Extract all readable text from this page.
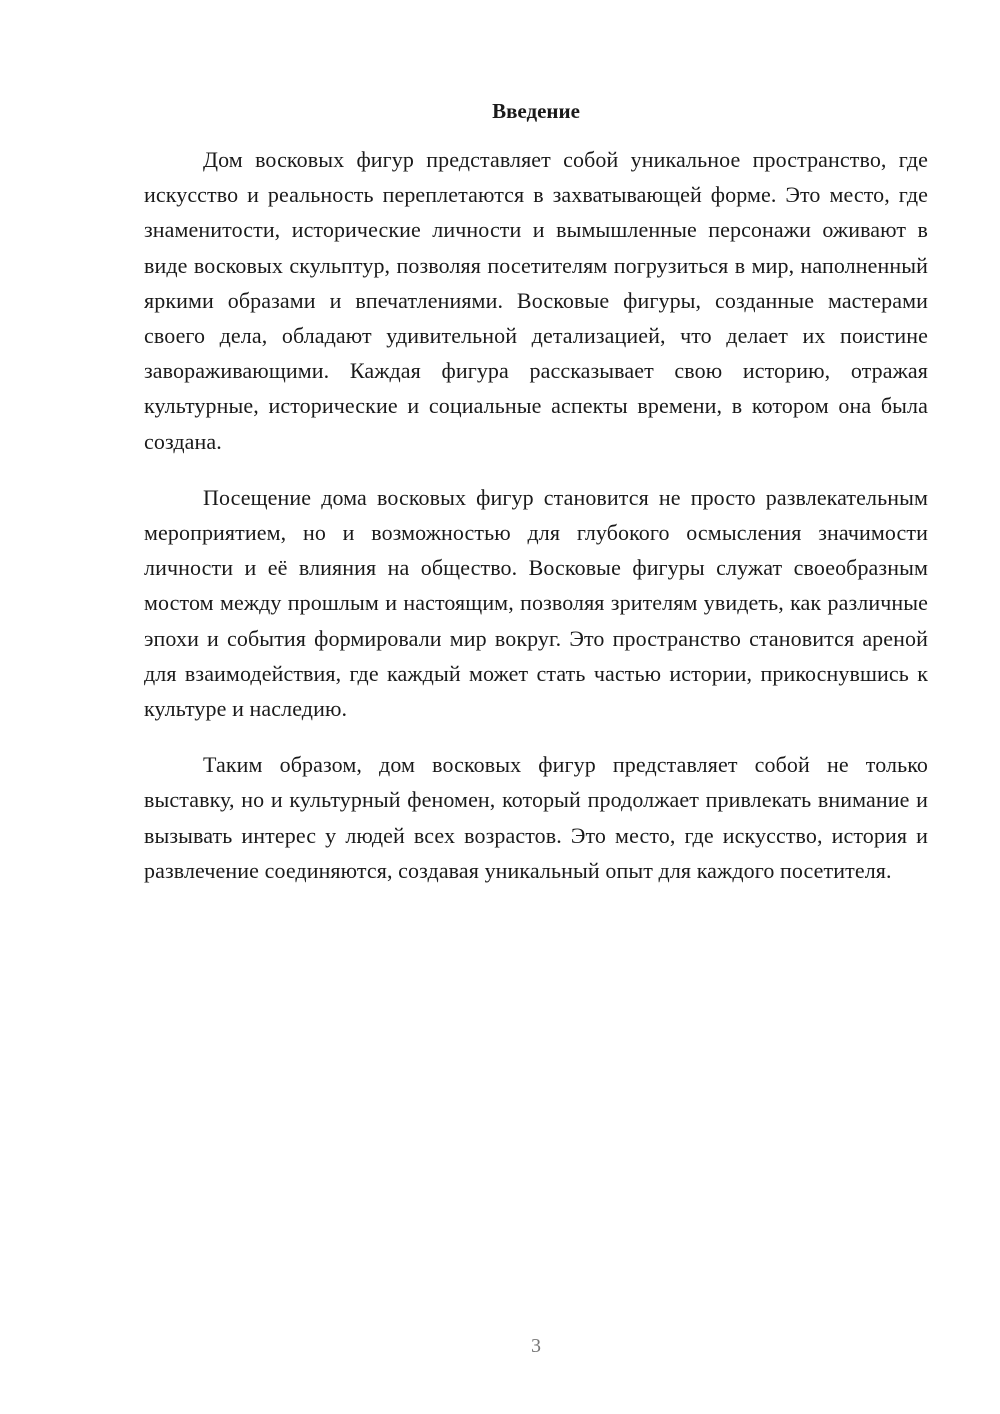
Введение

Дом восковых фигур представляет собой уникальное пространство, где искусство и реальность переплетаются в захватывающей форме. Это место, где знаменитости, исторические личности и вымышленные персонажи оживают в виде восковых скульптур, позволяя посетителям погрузиться в мир, наполненный яркими образами и впечатлениями. Восковые фигуры, созданные мастерами своего дела, обладают удивительной детализацией, что делает их поистине завораживающими. Каждая фигура рассказывает свою историю, отражая культурные, исторические и социальные аспекты времени, в котором она была создана.

Посещение дома восковых фигур становится не просто развлекательным мероприятием, но и возможностью для глубокого осмысления значимости личности и её влияния на общество. Восковые фигуры служат своеобразным мостом между прошлым и настоящим, позволяя зрителям увидеть, как различные эпохи и события формировали мир вокруг. Это пространство становится ареной для взаимодействия, где каждый может стать частью истории, прикоснувшись к культуре и наследию.

Таким образом, дом восковых фигур представляет собой не только выставку, но и культурный феномен, который продолжает привлекать внимание и вызывать интерес у людей всех возрастов. Это место, где искусство, история и развлечение соединяются, создавая уникальный опыт для каждого посетителя.

3
